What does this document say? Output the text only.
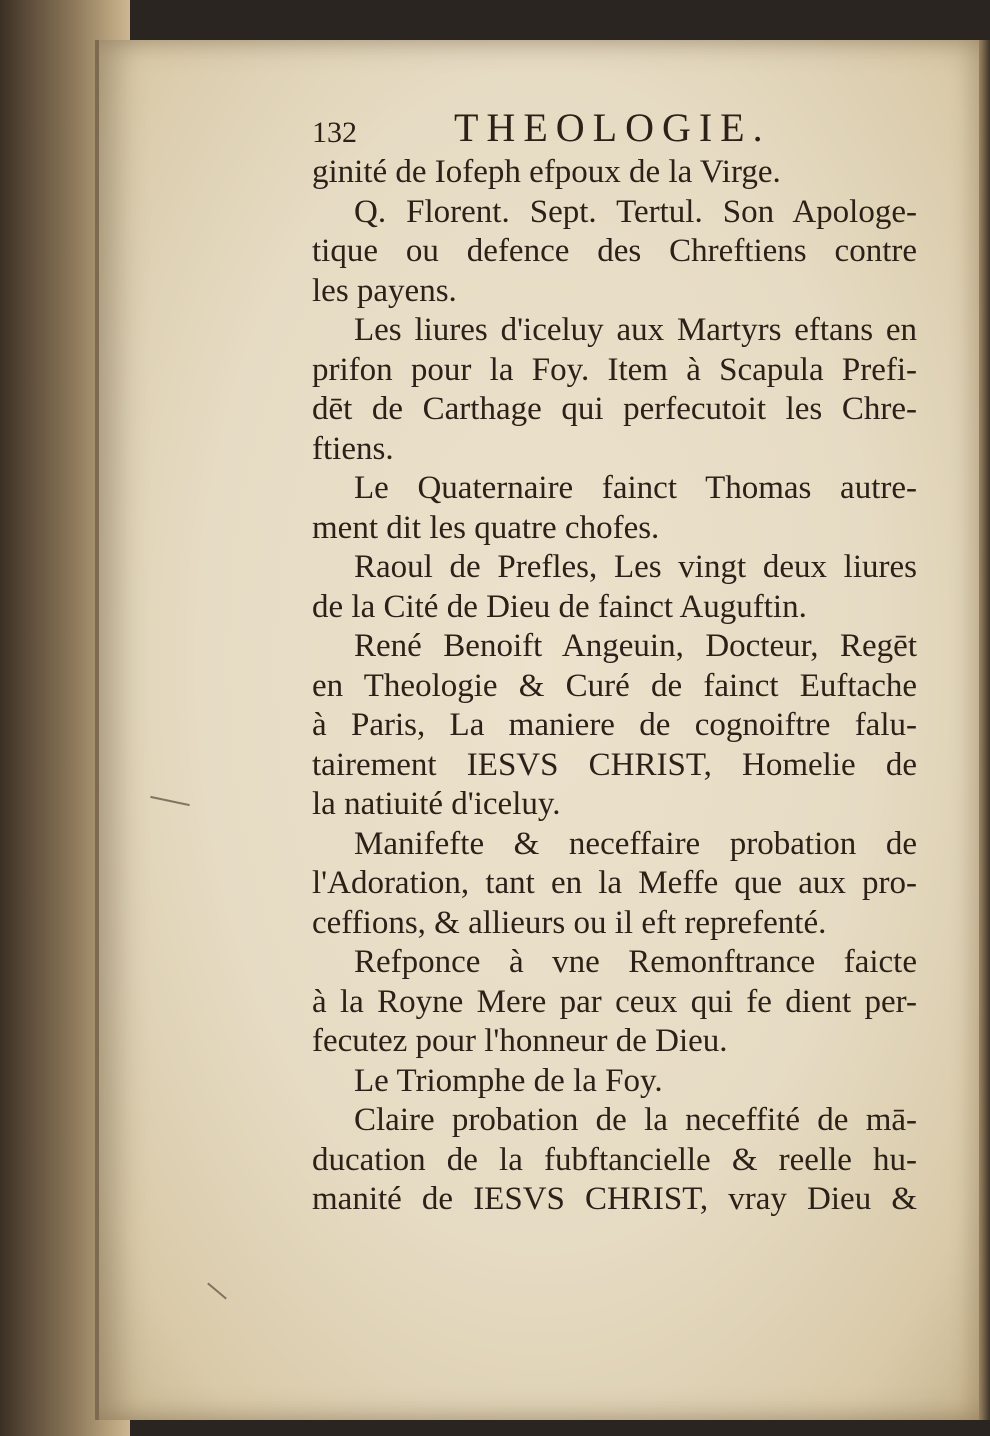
132 THEOLOGIE.
ginité de Iofeph efpoux de la Virge.
Q. Florent. Sept. Tertul. Son Apologe-
tique ou defence des Chreftiens contre
les payens.
Les liures d'iceluy aux Martyrs eftans en
prifon pour la Foy. Item à Scapula Prefi-
dēt de Carthage qui perfecutoit les Chre-
ftiens.
Le Quaternaire fainct Thomas autre-
ment dit les quatre chofes.
Raoul de Prefles, Les vingt deux liures
de la Cité de Dieu de fainct Auguftin.
René Benoift Angeuin, Docteur, Regēt
en Theologie & Curé de fainct Euftache
à Paris, La maniere de cognoiftre falu-
tairement IESVS CHRIST, Homelie de
la natiuité d'iceluy.
Manifefte & neceffaire probation de
l'Adoration, tant en la Meffe que aux pro-
ceffions, & allieurs ou il eft reprefenté.
Refponce à vne Remonftrance faicte
à la Royne Mere par ceux qui fe dient per-
fecutez pour l'honneur de Dieu.
Le Triomphe de la Foy.
Claire probation de la neceffité de mā-
ducation de la fubftancielle & reelle hu-
manité de IESVS CHRIST, vray Dieu &
